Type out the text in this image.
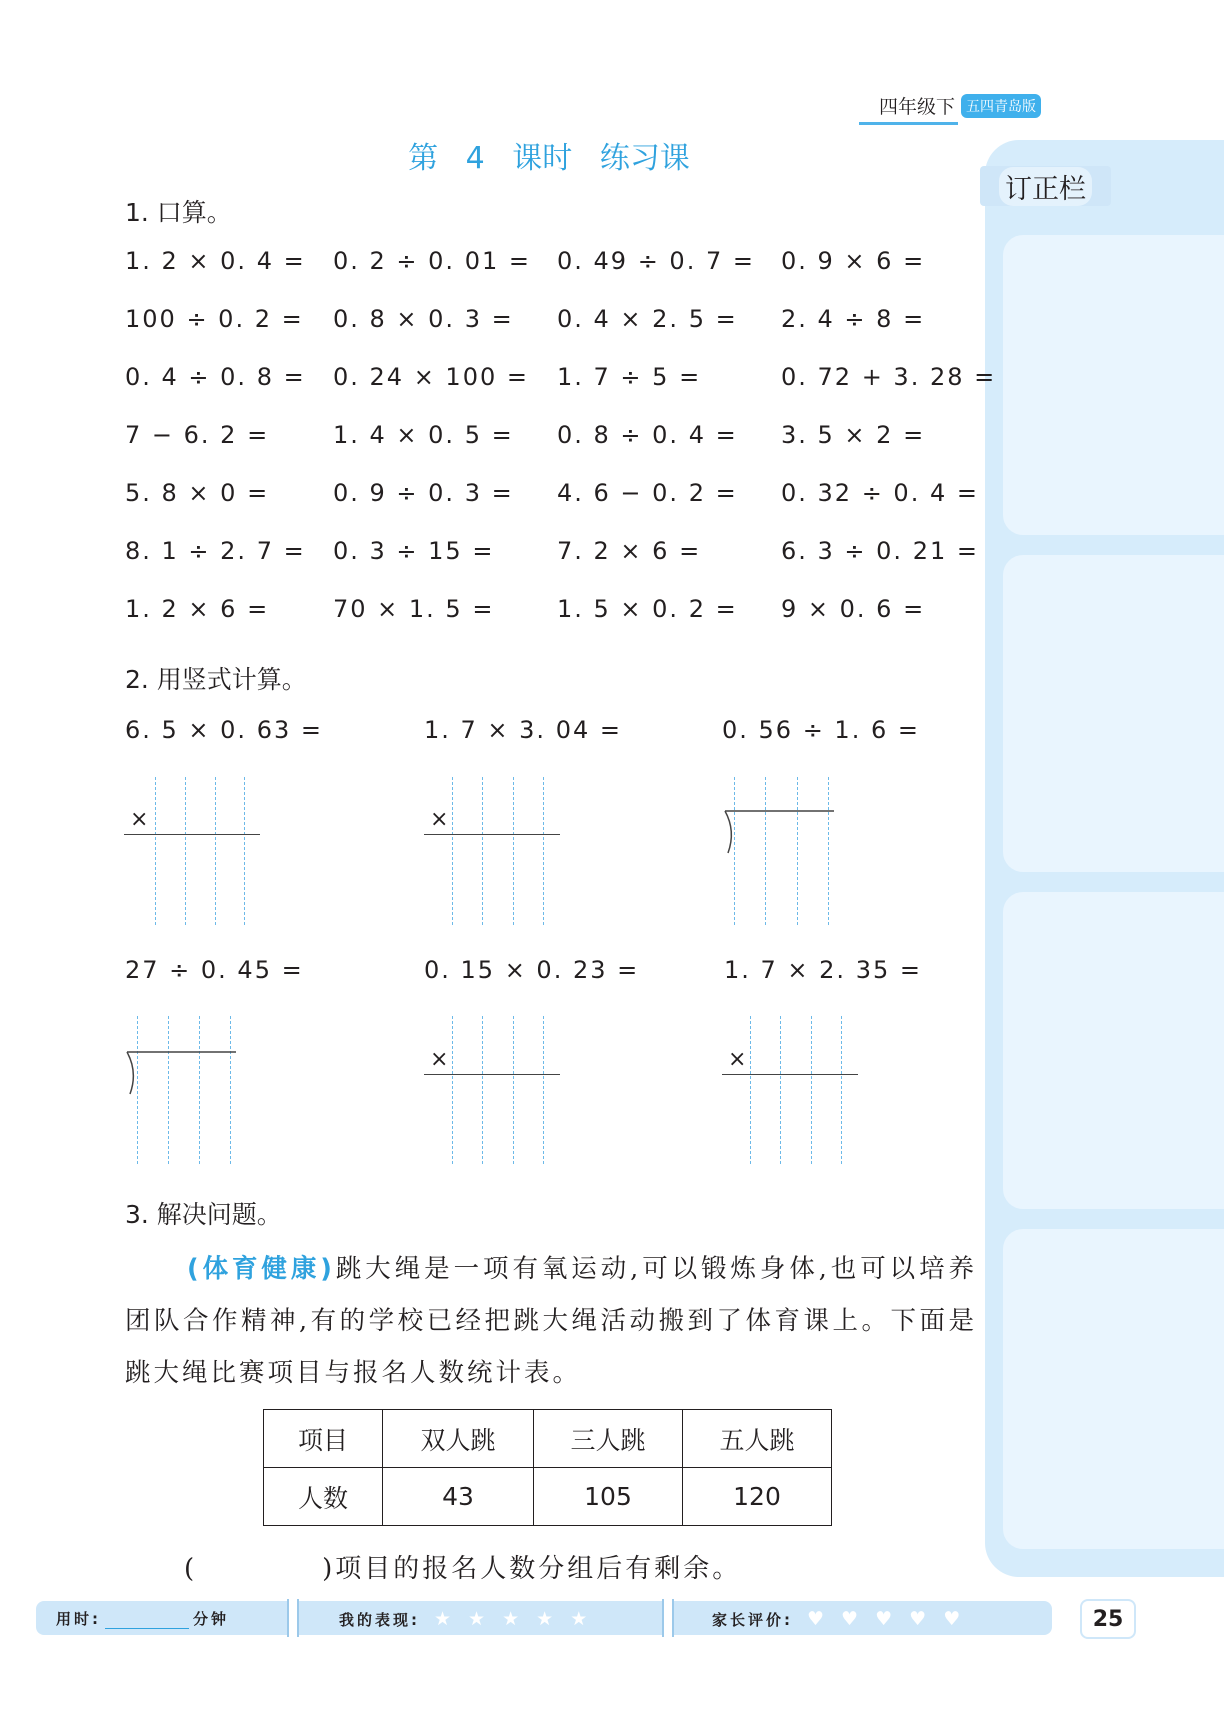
四年级下 五四青岛版
订正栏
第 4 课时 练习课
1. 口算。
1. 2 × 0. 4 = 0. 2 ÷ 0. 01 = 0. 49 ÷ 0. 7 = 0. 9 × 6 =
100 ÷ 0. 2 = 0. 8 × 0. 3 = 0. 4 × 2. 5 = 2. 4 ÷ 8 =
0. 4 ÷ 0. 8 = 0. 24 × 100 = 1. 7 ÷ 5 =	0. 72 + 3. 28 =
7 − 6. 2 =	1. 4 × 0. 5 = 0. 8 ÷ 0. 4 = 3. 5 × 2 =
5. 8 × 0 =	0. 9 ÷ 0. 3 = 4. 6 − 0. 2 = 0. 32 ÷ 0. 4 =
8. 1 ÷ 2. 7 = 0. 3 ÷ 15 =	7. 2 × 6 =	6. 3 ÷ 0. 21 =
1. 2 × 6 =	70 × 1. 5 =	1. 5 × 0. 2 = 9 × 0. 6 =
2. 用竖式计算。
6. 5 × 0. 63 =	1. 7 × 3. 04 =	0. 56 ÷ 1. 6 =
27 ÷ 0. 45 =	0. 15 × 0. 23 =	1. 7 × 2. 35 =
×	×
×	×
3. 解决问题。
(体育健康)跳大绳是一项有氧运动,可以锻炼身体,也可以培养团队合作精神,有的学校已经把跳大绳活动搬到了体育课上。下面是跳大绳比赛项目与报名人数统计表。
项目	双人跳	三人跳	五人跳
人数	43	105	120
(	)项目的报名人数分组后有剩余。
用时:	分钟	我的表现: ★ ★ ★ ★ ★	家长评价: ♥ ♥ ♥ ♥ ♥	25
